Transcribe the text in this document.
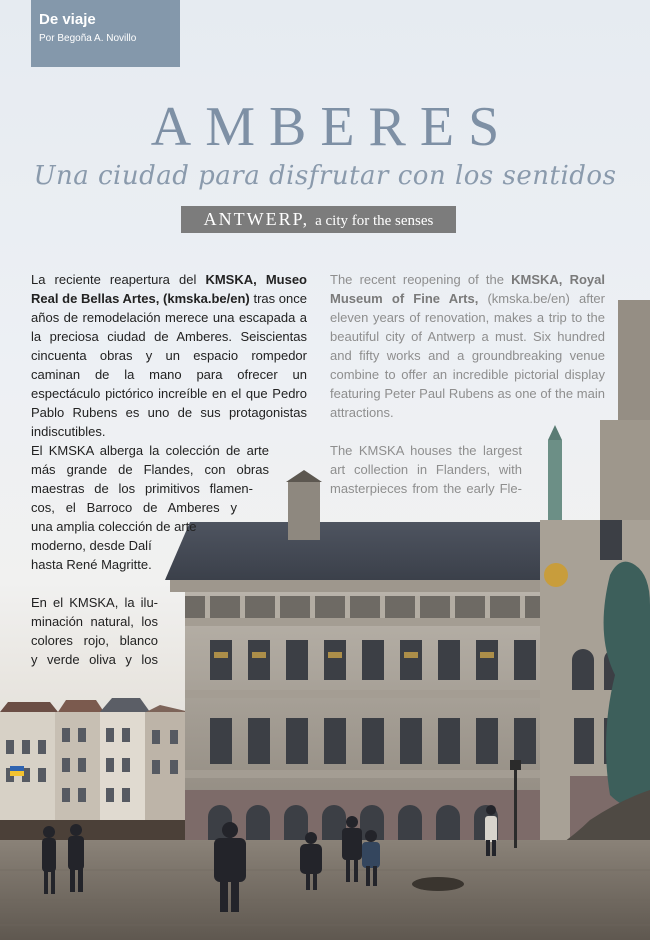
De viaje
Por Begoña A. Novillo
AMBERES
Una ciudad para disfrutar con los sentidos
ANTWERP, a city for the senses

La reciente reapertura del KMSKA, Museo Real de Bellas Artes, (kmska.be/en) tras once años de remodelación merece una escapada a la preciosa ciudad de Amberes. Seiscientas cincuenta obras y un espacio rompedor caminan de la mano para ofrecer un espectáculo pictórico increíble en el que Pedro Pablo Rubens es uno de sus protagonistas indiscutibles.

El KMSKA alberga la colección de arte
más grande de Flandes, con obras
maestras de los primitivos flamen-
cos, el Barroco de Amberes y
una amplia colección de arte
moderno, desde Dalí
hasta René Magritte.
En el KMSKA, la ilu-
minación natural, los
colores rojo, blanco
y verde oliva y los

The recent reopening of the KMSKA, Royal Museum of Fine Arts, (kmska.be/en) after eleven years of renovation, makes a trip to the beautiful city of Antwerp a must. Six hundred and fifty works and a groundbreaking venue combine to offer an incredible pictorial display featuring Peter Paul Rubens as one of the main attractions.

The KMSKA houses the largest
art collection in Flanders, with
masterpieces from the early Fle-
